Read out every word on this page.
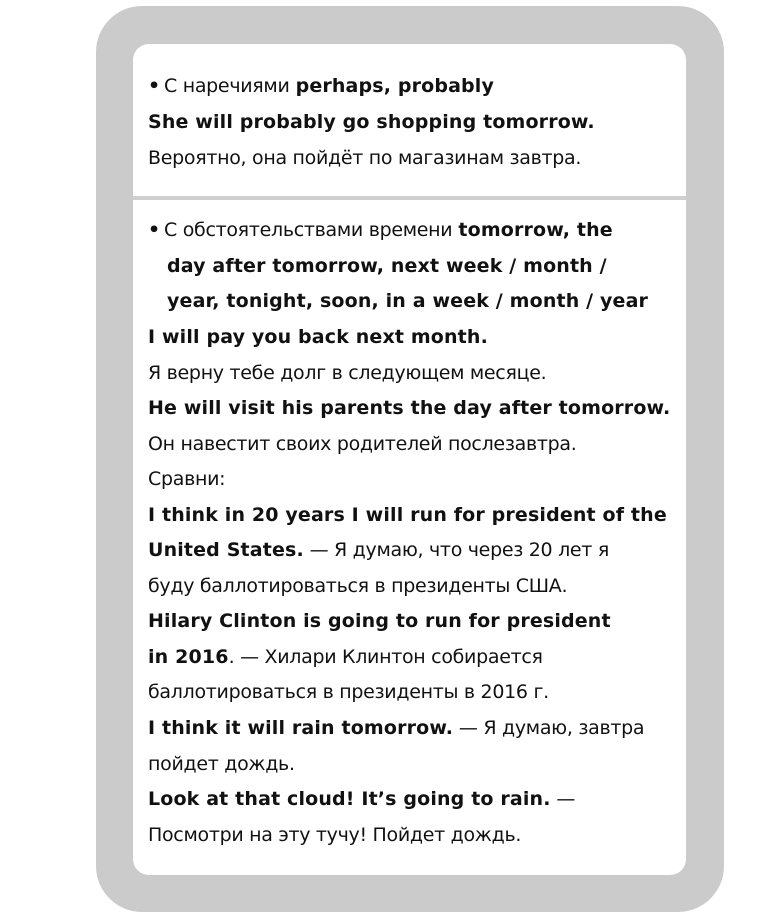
• С наречиями perhaps, probably
She will probably go shopping tomorrow.
Вероятно, она пойдёт по магазинам завтра.
• С обстоятельствами времени tomorrow, the
day after tomorrow, next week / month /
year, tonight, soon, in a week / month / year
I will pay you back next month.
Я верну тебе долг в следующем месяце.
He will visit his parents the day after tomorrow.
Он навестит своих родителей послезавтра.
Сравни:
I think in 20 years I will run for president of the
United States. — Я думаю, что через 20 лет я
буду баллотироваться в президенты США.
Hilary Clinton is going to run for president
in 2016. — Хилари Клинтон собирается
баллотироваться в президенты в 2016 г.
I think it will rain tomorrow. — Я думаю, завтра
пойдет дождь.
Look at that cloud! It’s going to rain. —
Посмотри на эту тучу! Пойдет дождь.
